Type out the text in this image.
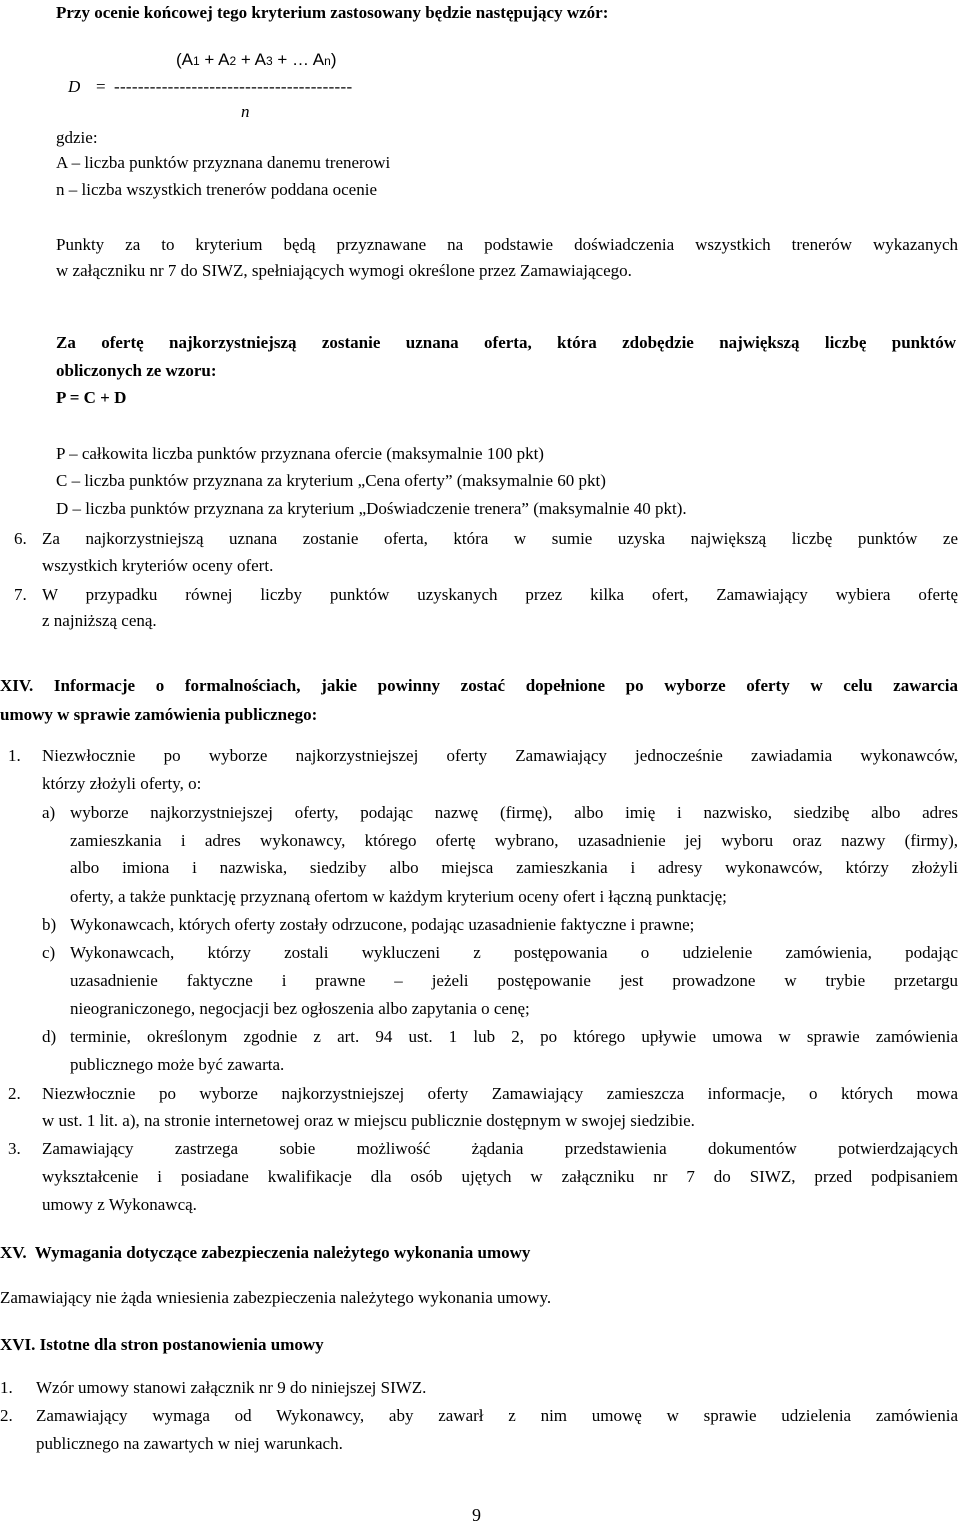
Przy ocenie końcowej tego kryterium zastosowany będzie następujący wzór:
(A1 + A2 + A3 + … An)
D = ----------------------------------------
n
gdzie:
A – liczba punktów przyznana danemu trenerowi
n – liczba wszystkich trenerów poddana ocenie
Punkty za to kryterium będą przyznawane na podstawie doświadczenia wszystkich trenerów wykazanych
w załączniku nr 7 do SIWZ, spełniających wymogi określone przez Zamawiającego.
Za ofertę najkorzystniejszą zostanie uznana oferta, która zdobędzie największą liczbę punktów
obliczonych ze wzoru:
P = C + D
P – całkowita liczba punktów przyznana ofercie (maksymalnie 100 pkt)
C – liczba punktów przyznana za kryterium „Cena oferty” (maksymalnie 60 pkt)
D – liczba punktów przyznana za kryterium „Doświadczenie trenera” (maksymalnie 40 pkt).
6. Za najkorzystniejszą uznana zostanie oferta, która w sumie uzyska największą liczbę punktów ze
wszystkich kryteriów oceny ofert.
7. W przypadku równej liczby punktów uzyskanych przez kilka ofert, Zamawiający wybiera ofertę
z najniższą ceną.
XIV. Informacje o formalnościach, jakie powinny zostać dopełnione po wyborze oferty w celu zawarcia
umowy w sprawie zamówienia publicznego:
1. Niezwłocznie po wyborze najkorzystniejszej oferty Zamawiający jednocześnie zawiadamia wykonawców,
którzy złożyli oferty, o:
a) wyborze najkorzystniejszej oferty, podając nazwę (firmę), albo imię i nazwisko, siedzibę albo adres
zamieszkania i adres wykonawcy, którego ofertę wybrano, uzasadnienie jej wyboru oraz nazwy (firmy),
albo imiona i nazwiska, siedziby albo miejsca zamieszkania i adresy wykonawców, którzy złożyli
oferty, a także punktację przyznaną ofertom w każdym kryterium oceny ofert i łączną punktację;
b) Wykonawcach, których oferty zostały odrzucone, podając uzasadnienie faktyczne i prawne;
c) Wykonawcach, którzy zostali wykluczeni z postępowania o udzielenie zamówienia, podając
uzasadnienie faktyczne i prawne – jeżeli postępowanie jest prowadzone w trybie przetargu
nieograniczonego, negocjacji bez ogłoszenia albo zapytania o cenę;
d) terminie, określonym zgodnie z art. 94 ust. 1 lub 2, po którego upływie umowa w sprawie zamówienia
publicznego może być zawarta.
2. Niezwłocznie po wyborze najkorzystniejszej oferty Zamawiający zamieszcza informacje, o których mowa
w ust. 1 lit. a), na stronie internetowej oraz w miejscu publicznie dostępnym w swojej siedzibie.
3. Zamawiający zastrzega sobie możliwość żądania przedstawienia dokumentów potwierdzających
wykształcenie i posiadane kwalifikacje dla osób ujętych w załączniku nr 7 do SIWZ, przed podpisaniem
umowy z Wykonawcą.
XV.  Wymagania dotyczące zabezpieczenia należytego wykonania umowy
Zamawiający nie żąda wniesienia zabezpieczenia należytego wykonania umowy.
XVI. Istotne dla stron postanowienia umowy
1. Wzór umowy stanowi załącznik nr 9 do niniejszej SIWZ.
2. Zamawiający wymaga od Wykonawcy, aby zawarł z nim umowę w sprawie udzielenia zamówienia
publicznego na zawartych w niej warunkach.
9
